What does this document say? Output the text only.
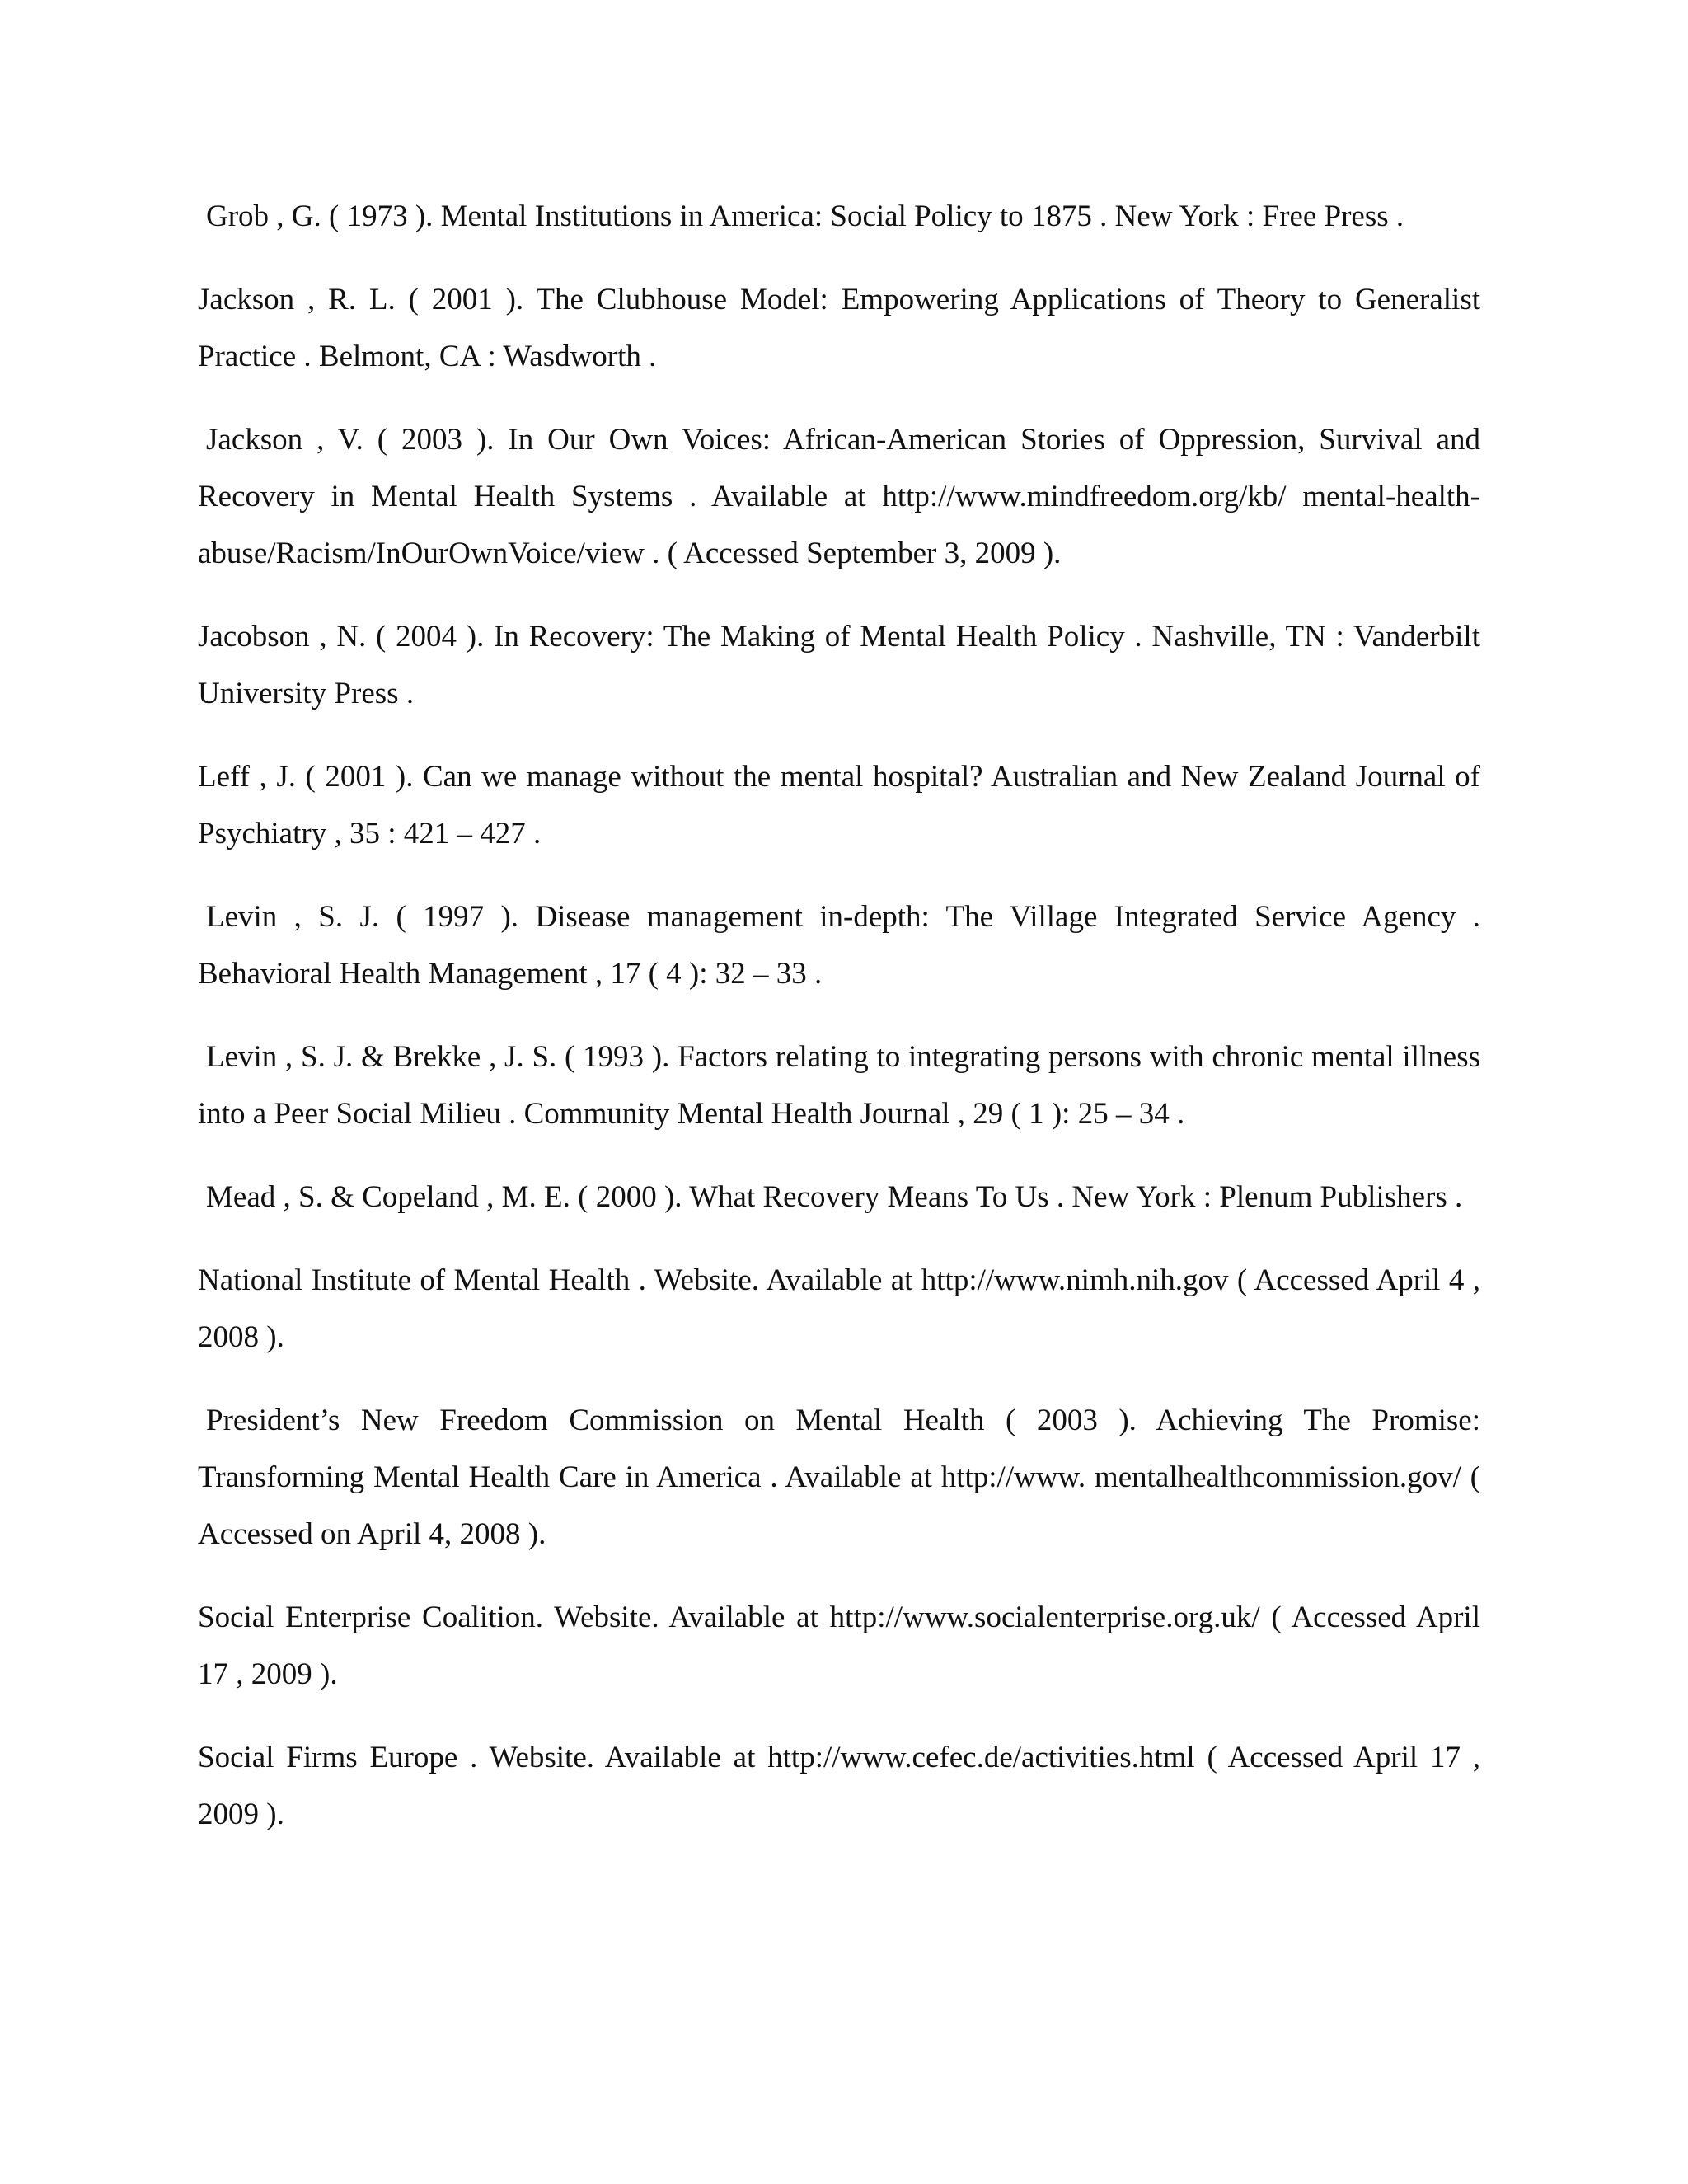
Grob , G. ( 1973 ). Mental Institutions in America: Social Policy to 1875 . New York : Free Press .
Jackson , R. L. ( 2001 ). The Clubhouse Model: Empowering Applications of Theory to Generalist Practice . Belmont, CA : Wasdworth .
Jackson , V. ( 2003 ). In Our Own Voices: African-American Stories of Oppression, Survival and Recovery in Mental Health Systems . Available at http://www.mindfreedom.org/kb/ mental-health-abuse/Racism/InOurOwnVoice/view . ( Accessed September 3, 2009 ).
Jacobson , N. ( 2004 ). In Recovery: The Making of Mental Health Policy . Nashville, TN : Vanderbilt University Press .
Leff , J. ( 2001 ). Can we manage without the mental hospital? Australian and New Zealand Journal of Psychiatry , 35 : 421 – 427 .
Levin , S. J. ( 1997 ). Disease management in-depth: The Village Integrated Service Agency . Behavioral Health Management , 17 ( 4 ): 32 – 33 .
Levin , S. J. & Brekke , J. S. ( 1993 ). Factors relating to integrating persons with chronic mental illness into a Peer Social Milieu . Community Mental Health Journal , 29 ( 1 ): 25 – 34 .
Mead , S. & Copeland , M. E. ( 2000 ). What Recovery Means To Us . New York : Plenum Publishers .
National Institute of Mental Health . Website. Available at http://www.nimh.nih.gov ( Accessed April 4 , 2008 ).
President’s New Freedom Commission on Mental Health ( 2003 ). Achieving The Promise: Transforming Mental Health Care in America . Available at http://www. mentalhealthcommission.gov/ ( Accessed on April 4, 2008 ).
Social Enterprise Coalition. Website. Available at http://www.socialenterprise.org.uk/ ( Accessed April 17 , 2009 ).
Social Firms Europe . Website. Available at http://www.cefec.de/activities.html ( Accessed April 17 , 2009 ).
